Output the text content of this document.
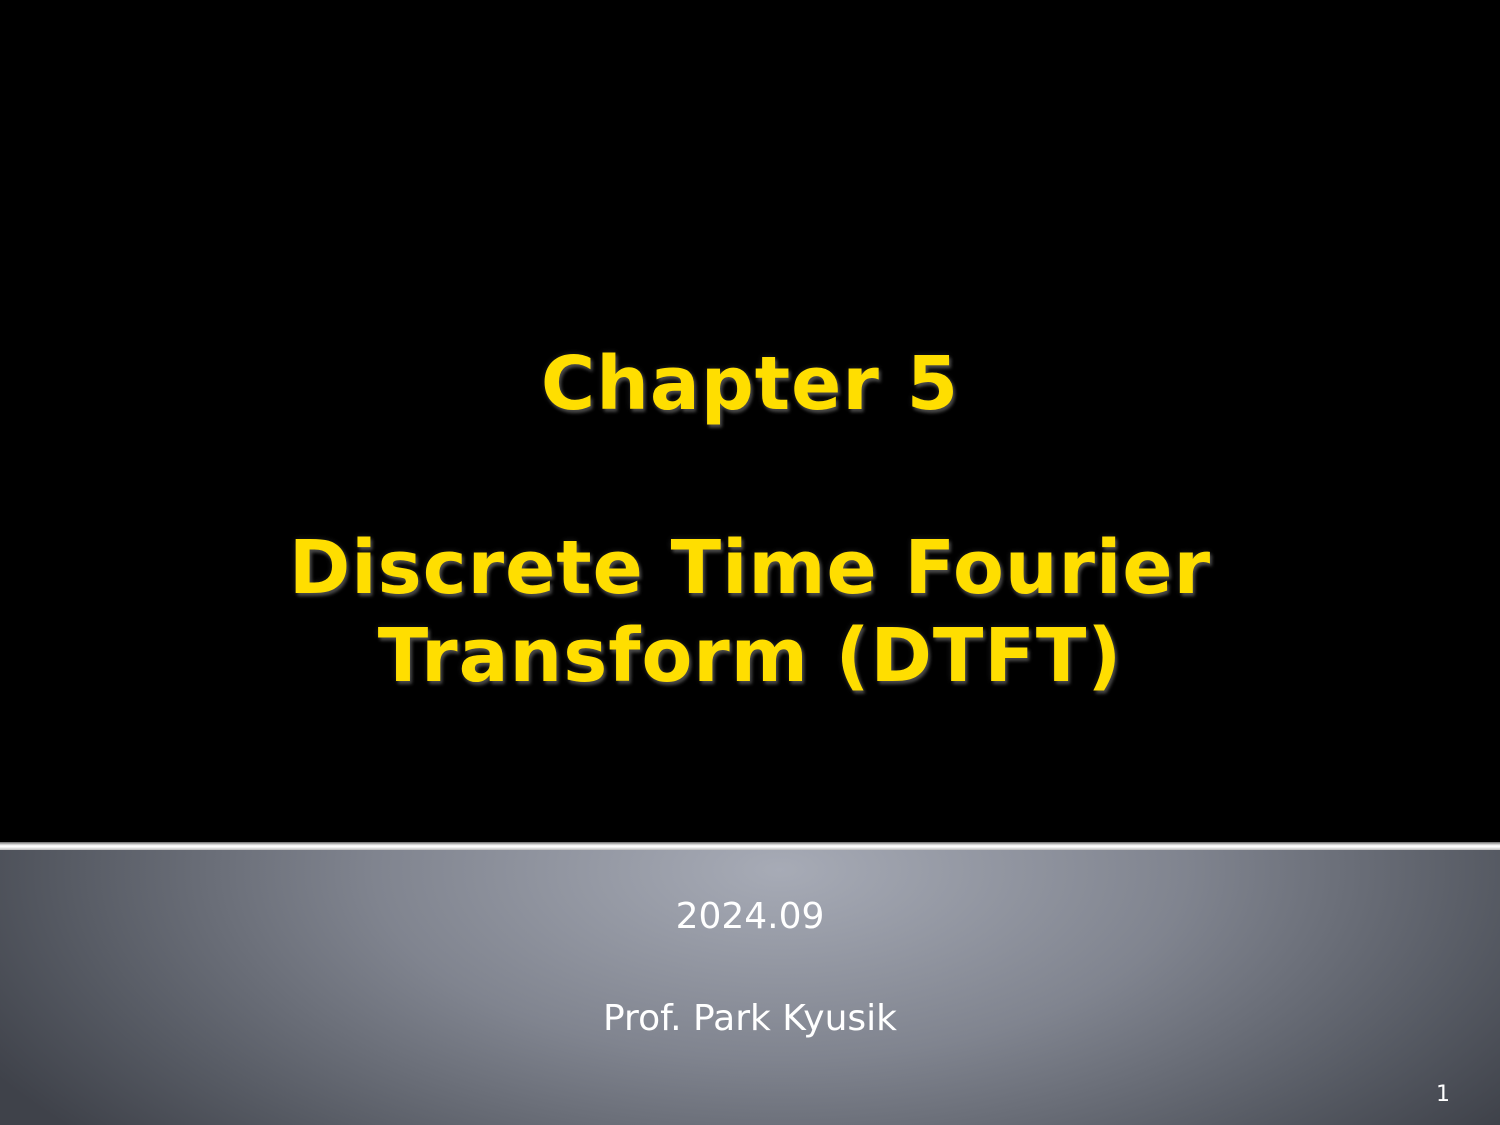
Chapter 5
Discrete Time Fourier
Transform (DTFT)
2024.09
Prof. Park Kyusik
1
